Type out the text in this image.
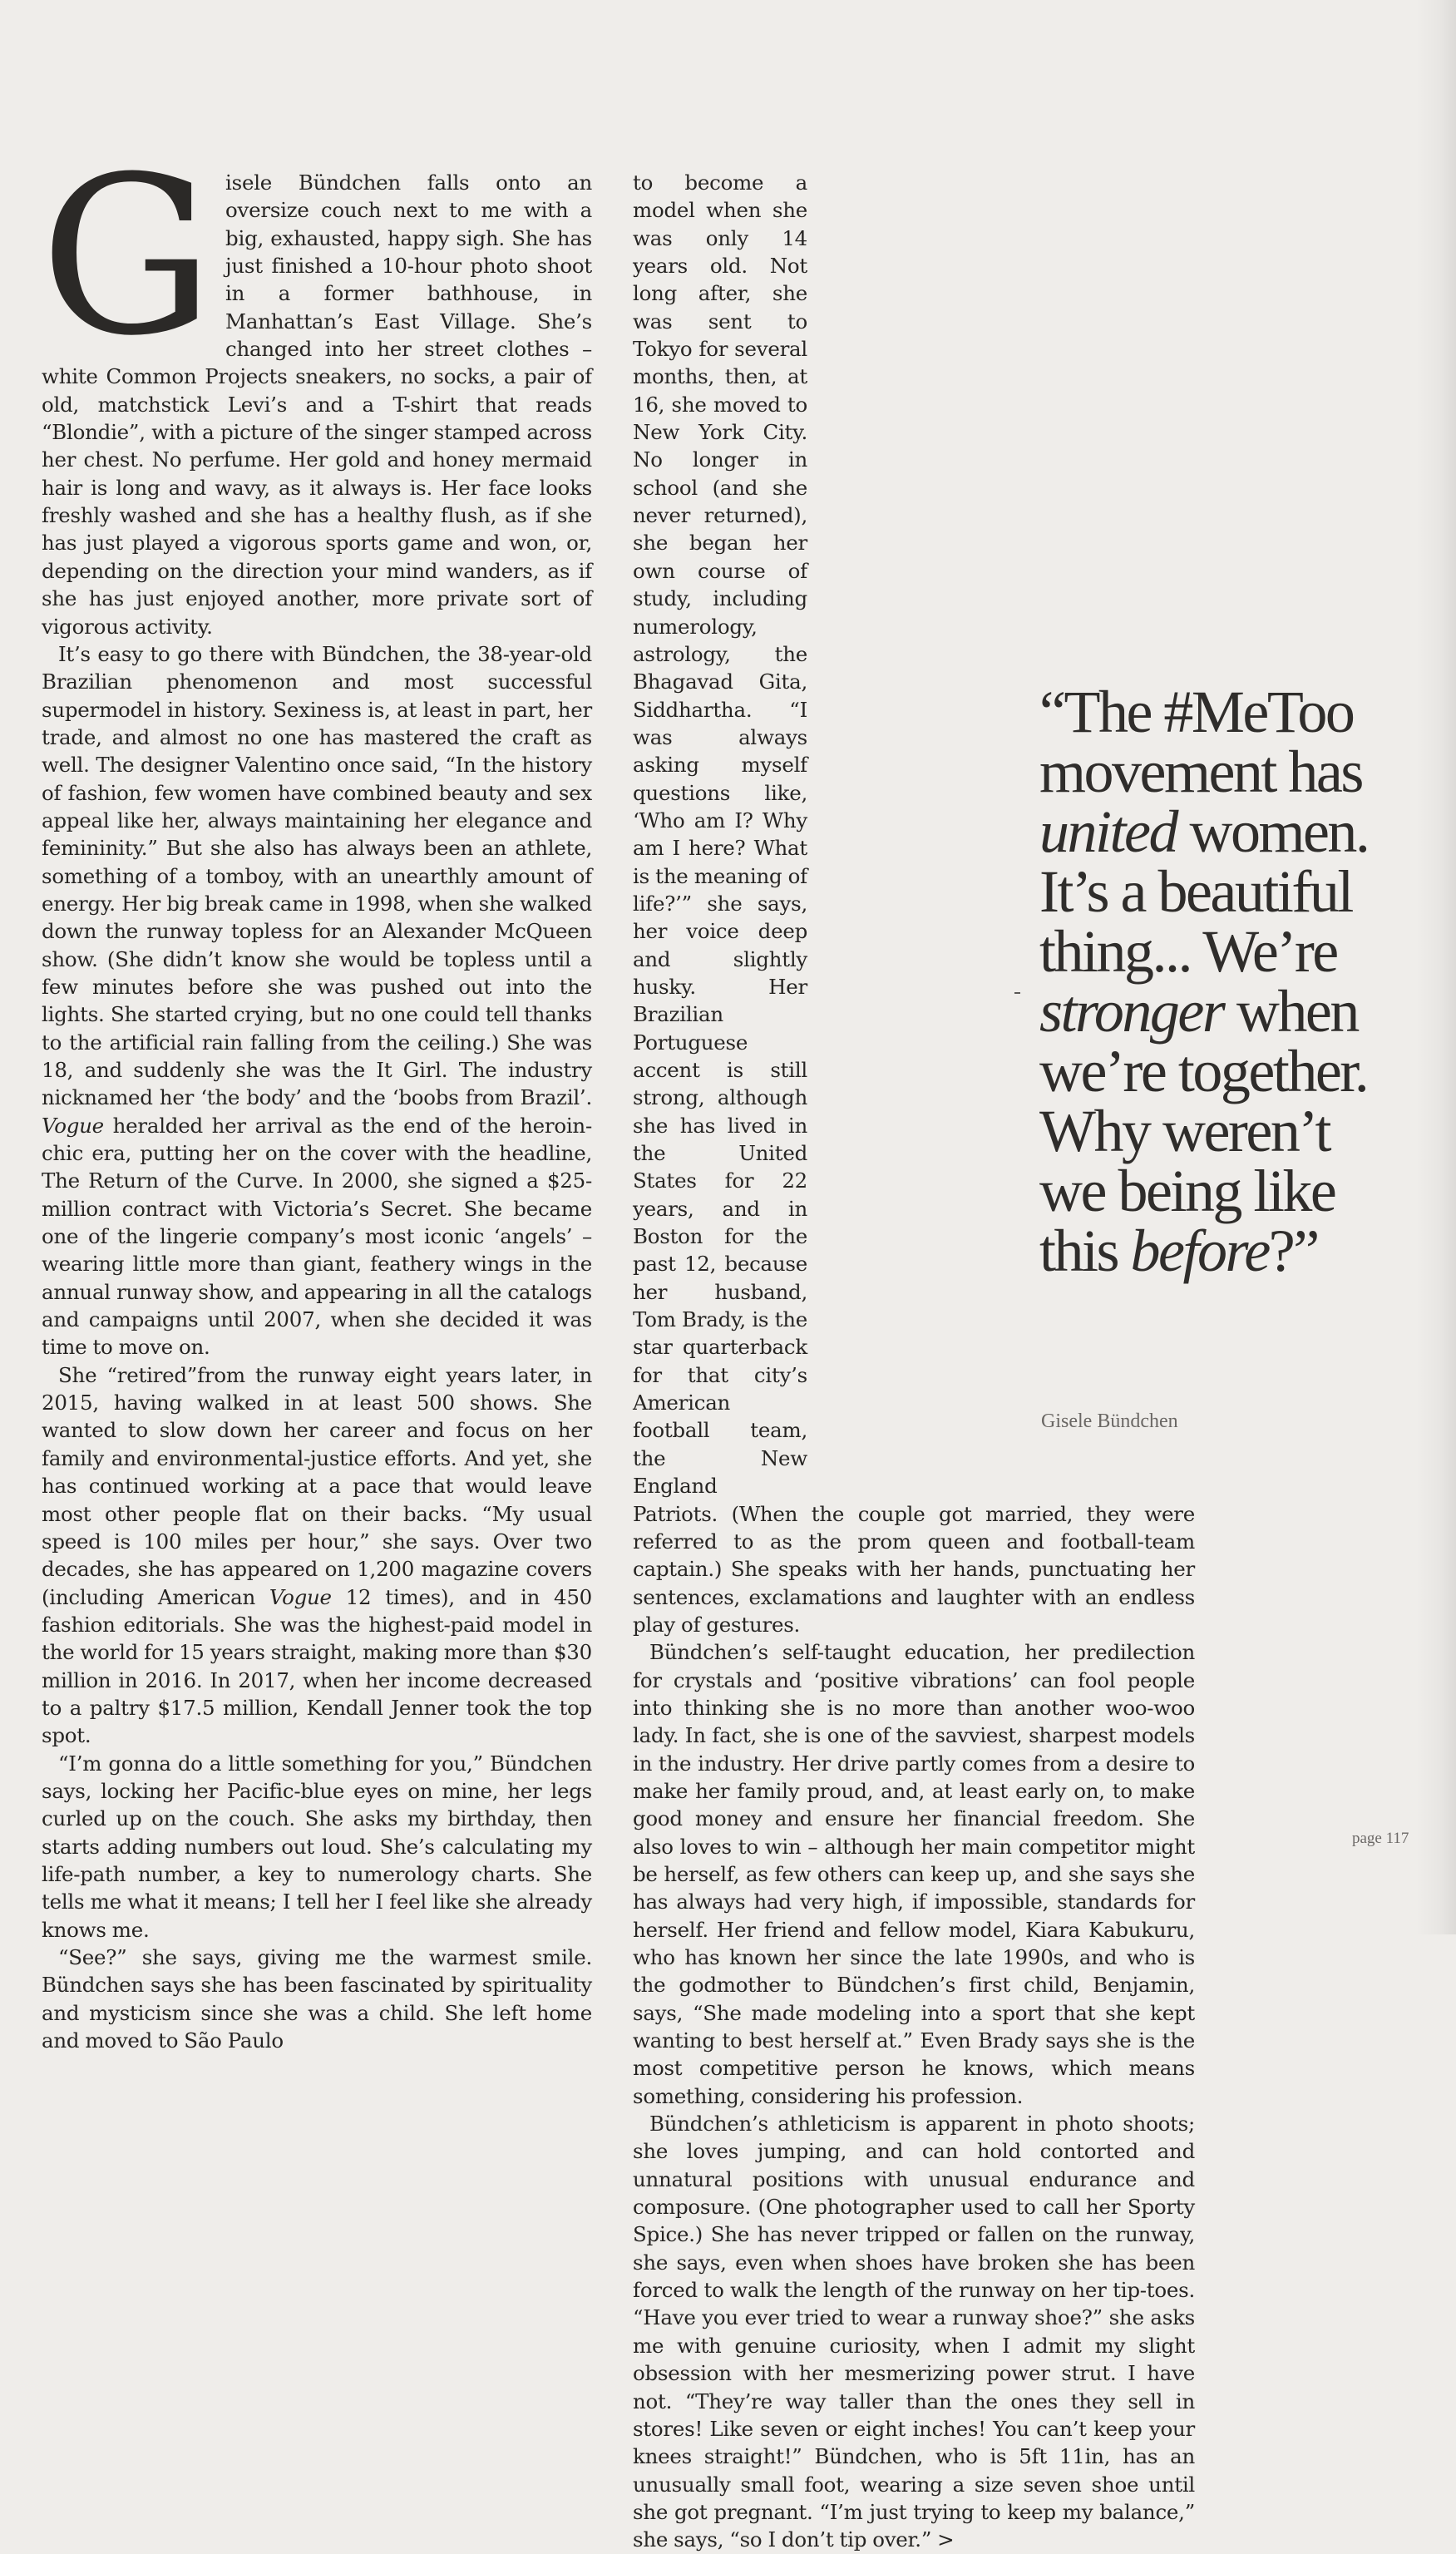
Gisele Bündchen falls onto an oversize couch next to me with a big, exhausted, happy sigh. She has just finished a 10-hour photo shoot in a former bathhouse, in Manhattan’s East Village. She’s changed into her street clothes – white Common Projects sneakers, no socks, a pair of old, matchstick Levi’s and a T-shirt that reads “Blondie”, with a picture of the singer stamped across her chest. No perfume. Her gold and honey mermaid hair is long and wavy, as it always is. Her face looks freshly washed and she has a healthy flush, as if she has just played a vigorous sports game and won, or, depending on the direction your mind wanders, as if she has just enjoyed another, more private sort of vigorous activity.

It’s easy to go there with Bündchen, the 38-year-old Brazilian phenomenon and most successful supermodel in history. Sexiness is, at least in part, her trade, and almost no one has mastered the craft as well. The designer Valentino once said, “In the history of fashion, few women have combined beauty and sex appeal like her, always maintaining her elegance and femininity.” But she also has always been an athlete, something of a tomboy, with an unearthly amount of energy. Her big break came in 1998, when she walked down the runway topless for an Alexander McQueen show. (She didn’t know she would be topless until a few minutes before she was pushed out into the lights. She started crying, but no one could tell thanks to the artificial rain falling from the ceiling.) She was 18, and suddenly she was the It Girl. The industry nicknamed her ‘the body’ and the ‘boobs from Brazil’. Vogue heralded her arrival as the end of the heroin-chic era, putting her on the cover with the headline, The Return of the Curve. In 2000, she signed a $25-million contract with Victoria’s Secret. She became one of the lingerie company’s most iconic ‘angels’ – wearing little more than giant, feathery wings in the annual runway show, and appearing in all the catalogs and campaigns until 2007, when she decided it was time to move on.

She “retired”from the runway eight years later, in 2015, having walked in at least 500 shows. She wanted to slow down her career and focus on her family and environmental-justice efforts. And yet, she has continued working at a pace that would leave most other people flat on their backs. “My usual speed is 100 miles per hour,” she says. Over two decades, she has appeared on 1,200 magazine covers (including American Vogue 12 times), and in 450 fashion editorials. She was the highest-paid model in the world for 15 years straight, making more than $30 million in 2016. In 2017, when her income decreased to a paltry $17.5 million, Kendall Jenner took the top spot.

“I’m gonna do a little something for you,” Bündchen says, locking her Pacific-blue eyes on mine, her legs curled up on the couch. She asks my birthday, then starts adding numbers out loud. She’s calculating my life-path number, a key to numerology charts. She tells me what it means; I tell her I feel like she already knows me.

“See?” she says, giving me the warmest smile. Bündchen says she has been fascinated by spirituality and mysticism since she was a child. She left home and moved to São Paulo

to become a model when she was only 14 years old. Not long after, she was sent to Tokyo for several months, then, at 16, she moved to New York City. No longer in school (and she never returned), she began her own course of study, including numerology, astrology, the Bhagavad Gita, Siddhartha. “I was always asking myself questions like, ‘Who am I? Why am I here? What is the meaning of life?’” she says, her voice deep and slightly husky. Her Brazilian Portuguese accent is still strong, although she has lived in the United States for 22 years, and in Boston for the past 12, because her husband, Tom Brady, is the star quarterback for that city’s American football team, the New England Patriots. (When the couple got married, they were referred to as the prom queen and football-team captain.) She speaks with her hands, punctuating her sentences, exclamations and laughter with an endless play of gestures.

Bündchen’s self-taught education, her predilection for crystals and ‘positive vibrations’ can fool people into thinking she is no more than another woo-woo lady. In fact, she is one of the savviest, sharpest models in the industry. Her drive partly comes from a desire to make her family proud, and, at least early on, to make good money and ensure her financial freedom. She also loves to win – although her main competitor might be herself, as few others can keep up, and she says she has always had very high, if impossible, standards for herself. Her friend and fellow model, Kiara Kabukuru, who has known her since the late 1990s, and who is the godmother to Bündchen’s first child, Benjamin, says, “She made modeling into a sport that she kept wanting to best herself at.” Even Brady says she is the most competitive person he knows, which means something, considering his profession.

Bündchen’s athleticism is apparent in photo shoots; she loves jumping, and can hold contorted and unnatural positions with unusual endurance and composure. (One photographer used to call her Sporty Spice.) She has never tripped or fallen on the runway, she says, even when shoes have broken she has been forced to walk the length of the runway on her tip-toes. “Have you ever tried to wear a runway shoe?” she asks me with genuine curiosity, when I admit my slight obsession with her mesmerizing power strut. I have not. “They’re way taller than the ones they sell in stores! Like seven or eight inches! You can’t keep your knees straight!” Bündchen, who is 5ft 11in, has an unusually small foot, wearing a size seven shoe until she got pregnant. “I’m just trying to keep my balance,” she says, “so I don’t tip over.” >

“The #MeToo movement has united women. It’s a beautiful thing... We’re stronger when we’re together. Why weren’t we being like this before?”
Gisele Bündchen
page 117
